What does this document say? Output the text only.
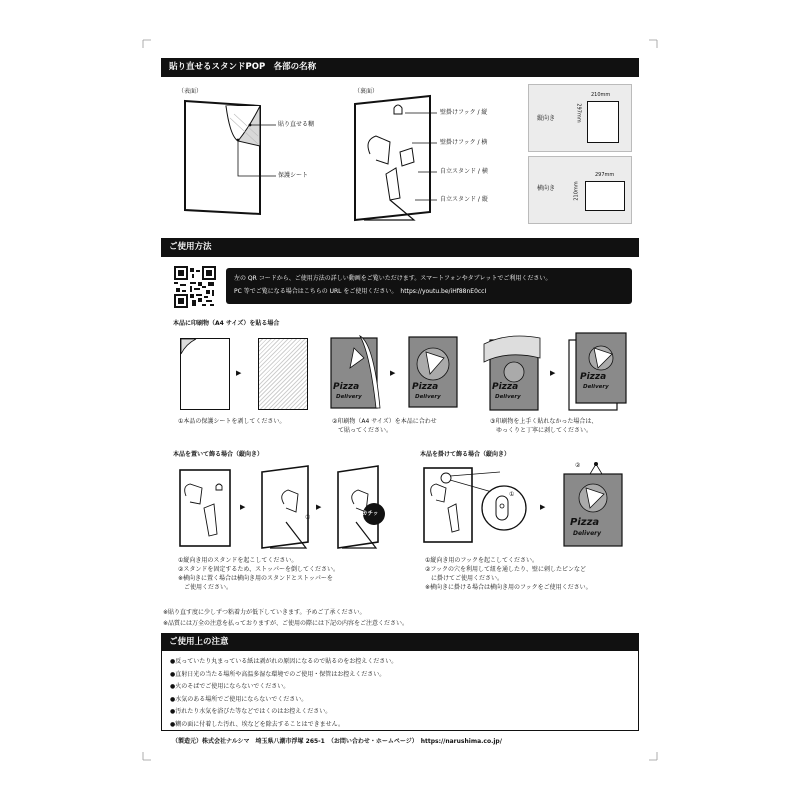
貼り直せるスタンドPOP　各部の名称
（表面）	（裏面）
貼り直せる糊
保護シート
壁掛けフック / 縦
壁掛けフック / 横
自立スタンド / 横
自立スタンド / 縦
縦向き
210mm
297mm
横向き
297mm
210mm
ご使用方法
左の QR コードから、ご使用方法の詳しい動画をご覧いただけます。スマートフォンやタブレットでご利用ください。
PC 等でご覧になる場合はこちらの URL をご使用ください。　https://youtu.be/iHf88nE0ccI
本品に印刷物（A4 サイズ）を貼る場合
▶
Pizza
Delivery
▶
Pizza
Delivery
Pizza
Delivery
▶	Pizza
Delivery
①本品の保護シートを剥してください。	②印刷物（A4 サイズ）を本品に合わせ
て貼ってください。
③印刷物を上手く貼れなかった場合は、
ゆっくりと丁寧に剥してください。
本品を置いて飾る場合（縦向き）
▶
①
▶
カチッ
①縦向き用のスタンドを起こしてください。
②スタンドを固定するため、ストッパーを倒してください。
※横向きに置く場合は横向き用のスタンドとストッパーを
ご使用ください。
本品を掛けて飾る場合（縦向き）
①
▶
②
Pizza
Delivery
①縦向き用のフックを起こしてください。
②フックの穴を利用して紐を通したり、壁に刺したピンなど
に掛けてご使用ください。
※横向きに掛ける場合は横向き用のフックをご使用ください。
※貼り直す度に少しずつ粘着力が低下していきます。予めご了承ください。
※品質には万全の注意を払っておりますが、ご使用の際には下記の内容をご注意ください。
ご使用上の注意
●反っていたり丸まっている紙は剥がれの原因になるので貼るのをお控えください。
●直射日光の当たる場所や高温多湿な環境でのご使用・保管はお控えください。
●火のそばでご使用にならないでください。
●水気のある場所でご使用にならないでください。
●汚れたり水気を浴びた等などではくのはお控えください。
●糊の面に付着した汚れ、埃などを除去することはできません。
（製造元）株式会社ナルシマ　埼玉県八潮市浮塚 265-1　（お問い合わせ・ホームページ）　https://narushima.co.jp/
